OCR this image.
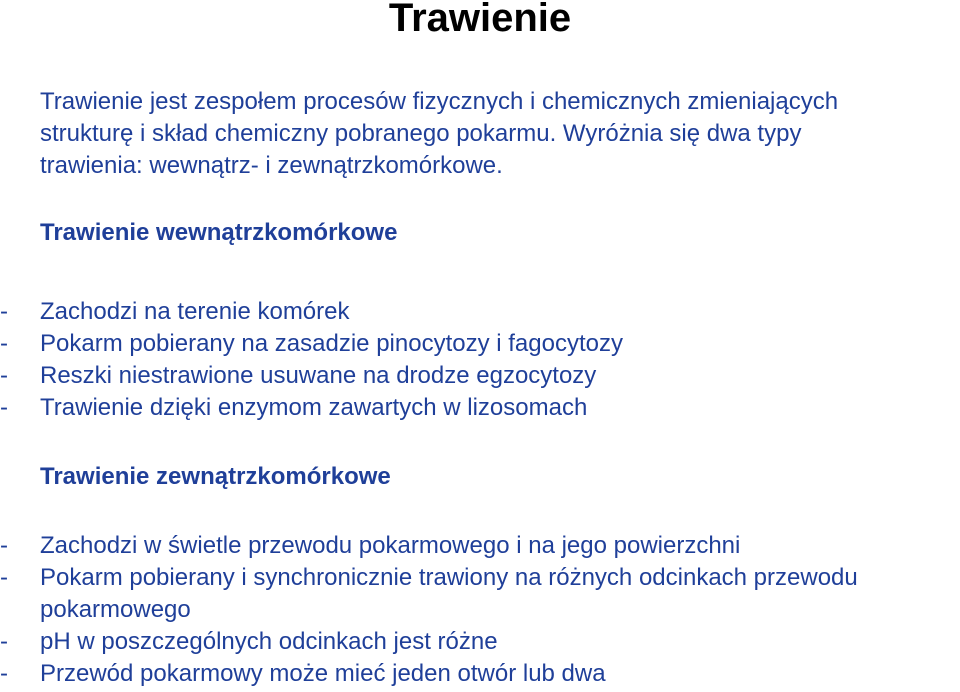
Trawienie
Trawienie jest zespołem procesów fizycznych i chemicznych zmieniających
strukturę i skład chemiczny pobranego pokarmu. Wyróżnia się dwa typy
trawienia: wewnątrz- i zewnątrzkomórkowe.
Trawienie wewnątrzkomórkowe
-	Zachodzi na terenie komórek
-	Pokarm pobierany na zasadzie pinocytozy i fagocytozy
-	Reszki niestrawione usuwane na drodze egzocytozy
-	Trawienie dzięki enzymom zawartych w lizosomach
Trawienie zewnątrzkomórkowe
-	Zachodzi w świetle przewodu pokarmowego i na jego powierzchni
-	Pokarm pobierany i synchronicznie trawiony na różnych odcinkach przewodu
pokarmowego
-	pH w poszczególnych odcinkach jest różne
-	Przewód pokarmowy może mieć jeden otwór lub dwa
